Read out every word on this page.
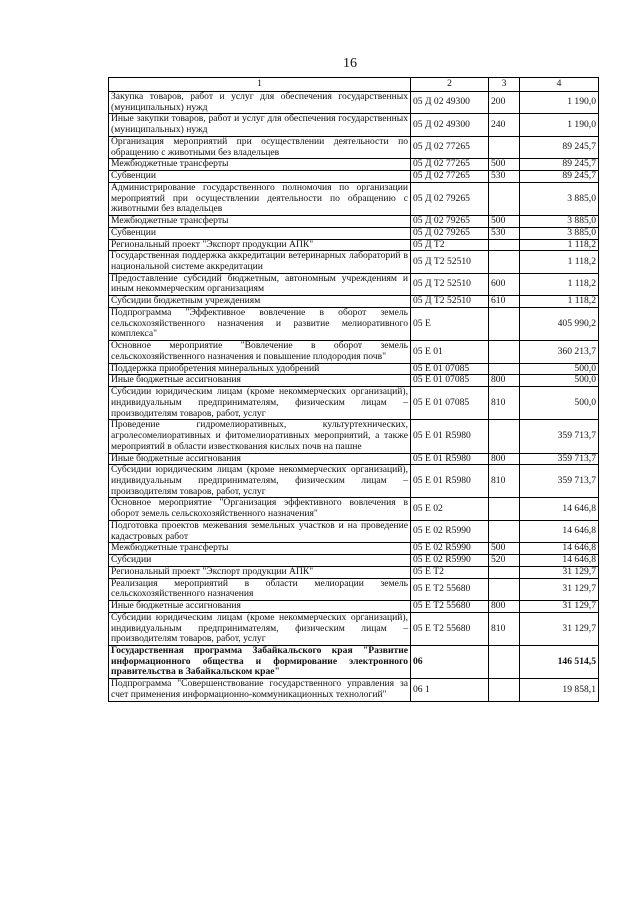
16
1	2	3	4
Закупка товаров, работ и услуг для обеспечения государственных (муниципальных) нужд	05 Д 02 49300	200	1 190,0
Иные закупки товаров, работ и услуг для обеспечения государственных (муниципальных) нужд	05 Д 02 49300	240	1 190,0
Организация мероприятий при осуществлении деятельности по обращению с животными без владельцев	05 Д 02 77265		89 245,7
Межбюджетные трансферты	05 Д 02 77265	500	89 245,7
Субвенции	05 Д 02 77265	530	89 245,7
Администрирование государственного полномочия по организации мероприятий при осуществлении деятельности по обращению с животными без владельцев	05 Д 02 79265		3 885,0
Межбюджетные трансферты	05 Д 02 79265	500	3 885,0
Субвенции	05 Д 02 79265	530	3 885,0
Региональный проект "Экспорт продукции АПК"	05 Д Т2		1 118,2
Государственная поддержка аккредитации ветеринарных лабораторий в национальной системе аккредитации	05 Д Т2 52510		1 118,2
Предоставление субсидий бюджетным, автономным учреждениям и иным некоммерческим организациям	05 Д Т2 52510	600	1 118,2
Субсидии бюджетным учреждениям	05 Д Т2 52510	610	1 118,2
Подпрограмма "Эффективное вовлечение в оборот земель сельскохозяйственного назначения и развитие мелиоративного комплекса"	05 Е		405 990,2
Основное мероприятие "Вовлечение в оборот земель сельскохозяйственного назначения и повышение плодородия почв"	05 Е 01		360 213,7
Поддержка приобретения минеральных удобрений	05 Е 01 07085		500,0
Иные бюджетные ассигнования	05 Е 01 07085	800	500,0
Субсидии юридическим лицам (кроме некоммерческих организаций), индивидуальным предпринимателям, физическим лицам – производителям товаров, работ, услуг	05 Е 01 07085	810	500,0
Проведение гидромелиоративных, культуртехнических, агролесомелиоративных и фитомелиоративных мероприятий, а также мероприятий в области известкования кислых почв на пашне	05 Е 01 R5980		359 713,7
Иные бюджетные ассигнования	05 Е 01 R5980	800	359 713,7
Субсидии юридическим лицам (кроме некоммерческих организаций), индивидуальным предпринимателям, физическим лицам – производителям товаров, работ, услуг	05 Е 01 R5980	810	359 713,7
Основное мероприятие "Организация эффективного вовлечения в оборот земель сельскохозяйственного назначения"	05 Е 02		14 646,8
Подготовка проектов межевания земельных участков и на проведение кадастровых работ	05 Е 02 R5990		14 646,8
Межбюджетные трансферты	05 Е 02 R5990	500	14 646,8
Субсидии	05 Е 02 R5990	520	14 646,8
Региональный проект "Экспорт продукции АПК"	05 Е Т2		31 129,7
Реализация мероприятий в области мелиорации земель сельскохозяйственного назначения	05 Е Т2 55680		31 129,7
Иные бюджетные ассигнования	05 Е Т2 55680	800	31 129,7
Субсидии юридическим лицам (кроме некоммерческих организаций), индивидуальным предпринимателям, физическим лицам – производителям товаров, работ, услуг	05 Е Т2 55680	810	31 129,7
Государственная программа Забайкальского края "Развитие информационного общества и формирование электронного правительства в Забайкальском крае"	06		146 514,5
Подпрограмма "Совершенствование государственного управления за счет применения информационно-коммуникационных технологий"	06 1		19 858,1
